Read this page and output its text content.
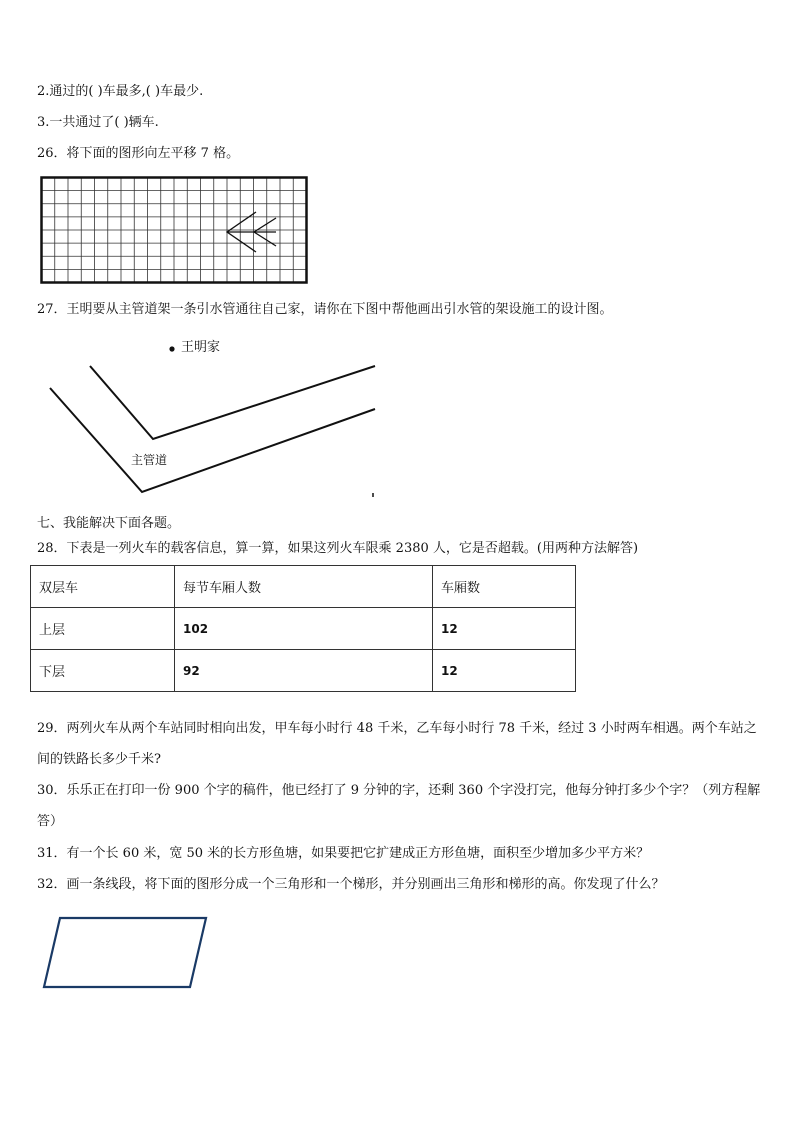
2.通过的( )车最多,( )车最少.
3.一共通过了( )辆车.
26．将下面的图形向左平移 7 格。
27．王明要从主管道架一条引水管通往自己家，请你在下图中帮他画出引水管的架设施工的设计图。
王明家
主管道
七、我能解决下面各题。
28．下表是一列火车的载客信息，算一算，如果这列火车限乘 2380 人，它是否超载。(用两种方法解答)
双层车	每节车厢人数	车厢数
上层	102	12
下层	92	12
29．两列火车从两个车站同时相向出发，甲车每小时行 48 千米，乙车每小时行 78 千米，经过 3 小时两车相遇。两个车站之间的铁路长多少千米?
30．乐乐正在打印一份 900 个字的稿件，他已经打了 9 分钟的字，还剩 360 个字没打完，他每分钟打多少个字？（列方程解答）
31．有一个长 60 米，宽 50 米的长方形鱼塘，如果要把它扩建成正方形鱼塘，面积至少增加多少平方米？
32．画一条线段，将下面的图形分成一个三角形和一个梯形，并分别画出三角形和梯形的高。你发现了什么？
